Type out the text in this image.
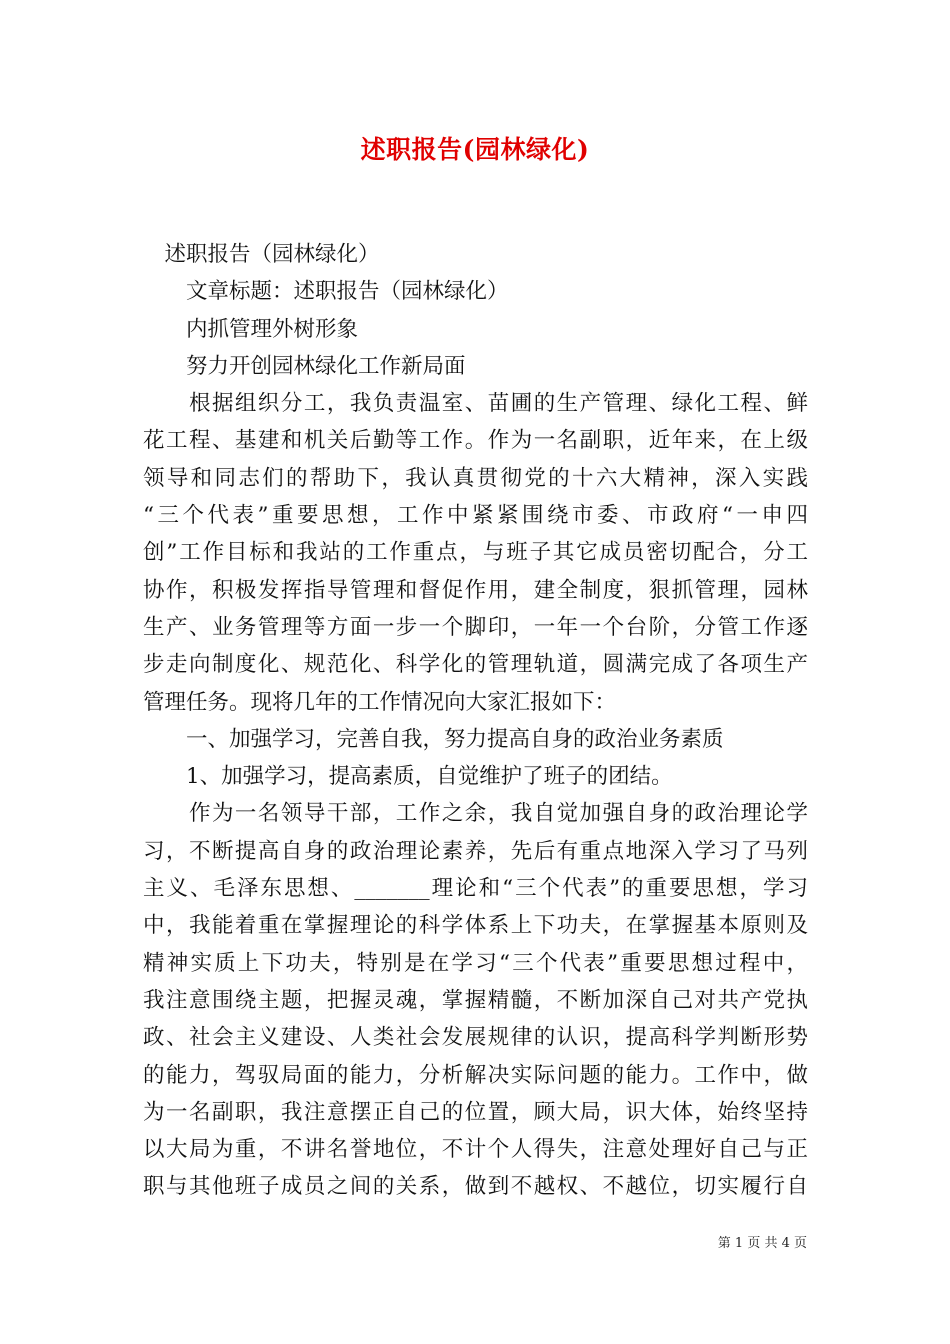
述职报告(园林绿化)
　述职报告（园林绿化）
　　文章标题：述职报告（园林绿化）
　　内抓管理外树形象
　　努力开创园林绿化工作新局面
　　根据组织分工，我负责温室、苗圃的生产管理、绿化工程、鲜
花工程、基建和机关后勤等工作。作为一名副职，近年来，在上级
领导和同志们的帮助下，我认真贯彻党的十六大精神，深入实践
“三个代表”重要思想，工作中紧紧围绕市委、市政府“一申四
创”工作目标和我站的工作重点，与班子其它成员密切配合，分工
协作，积极发挥指导管理和督促作用，建全制度，狠抓管理，园林
生产、业务管理等方面一步一个脚印，一年一个台阶，分管工作逐
步走向制度化、规范化、科学化的管理轨道，圆满完成了各项生产
管理任务。现将几年的工作情况向大家汇报如下：
　　一、加强学习，完善自我，努力提高自身的政治业务素质
　　1、加强学习，提高素质，自觉维护了班子的团结。
　　作为一名领导干部，工作之余，我自觉加强自身的政治理论学
习，不断提高自身的政治理论素养，先后有重点地深入学习了马列
主义、毛泽东思想、_______理论和“三个代表”的重要思想，学习
中，我能着重在掌握理论的科学体系上下功夫，在掌握基本原则及
精神实质上下功夫，特别是在学习“三个代表”重要思想过程中，
我注意围绕主题，把握灵魂，掌握精髓，不断加深自己对共产党执
政、社会主义建设、人类社会发展规律的认识，提高科学判断形势
的能力，驾驭局面的能力，分析解决实际问题的能力。工作中，做
为一名副职，我注意摆正自己的位置，顾大局，识大体，始终坚持
以大局为重，不讲名誉地位，不计个人得失，注意处理好自己与正
职与其他班子成员之间的关系，做到不越权、不越位，切实履行自
第 1 页 共 4 页
